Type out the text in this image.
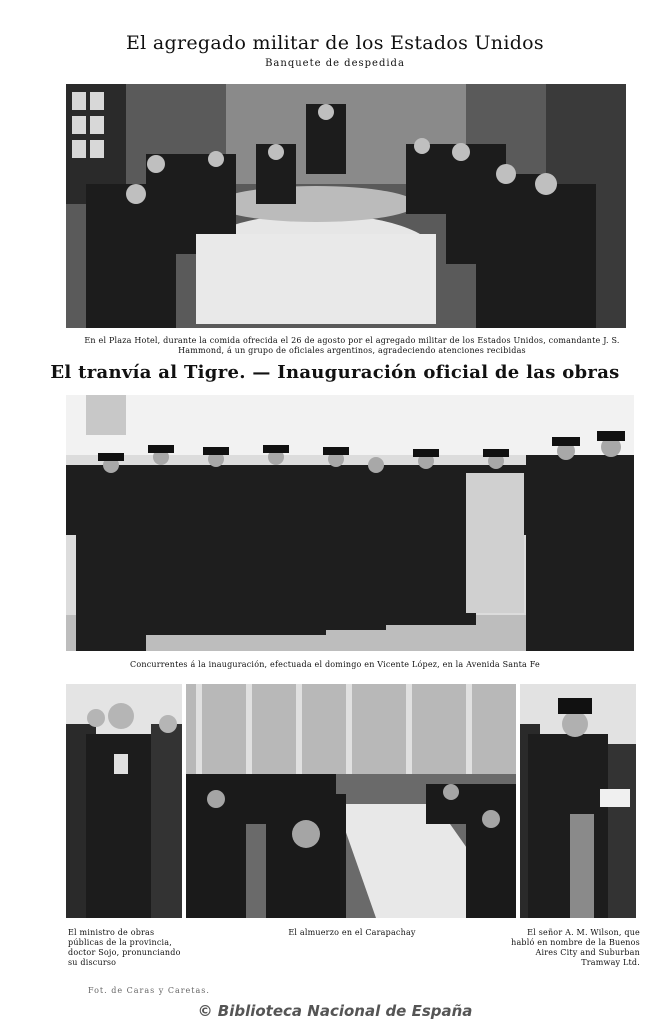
El agregado militar de los Estados Unidos
Banquete de despedida
En el Plaza Hotel, durante la comida ofrecida el 26 de agosto por el agregado militar de los Estados Unidos, comandante J. S. Hammond, á un grupo de oficiales argentinos, agradeciendo atenciones recibidas
El tranvía al Tigre. — Inauguración oficial de las obras
Concurrentes á la inauguración, efectuada el domingo en Vicente López, en la Avenida Santa Fe
El ministro de obras públicas de la provincia, doctor Sojo, pronunciando su discurso
El almuerzo en el Carapachay	El señor A. M. Wilson, que habló en nombre de la Buenos Aires City and Suburban Tramway Ltd.
Fot. de Caras y Caretas.
© Biblioteca Nacional de España
